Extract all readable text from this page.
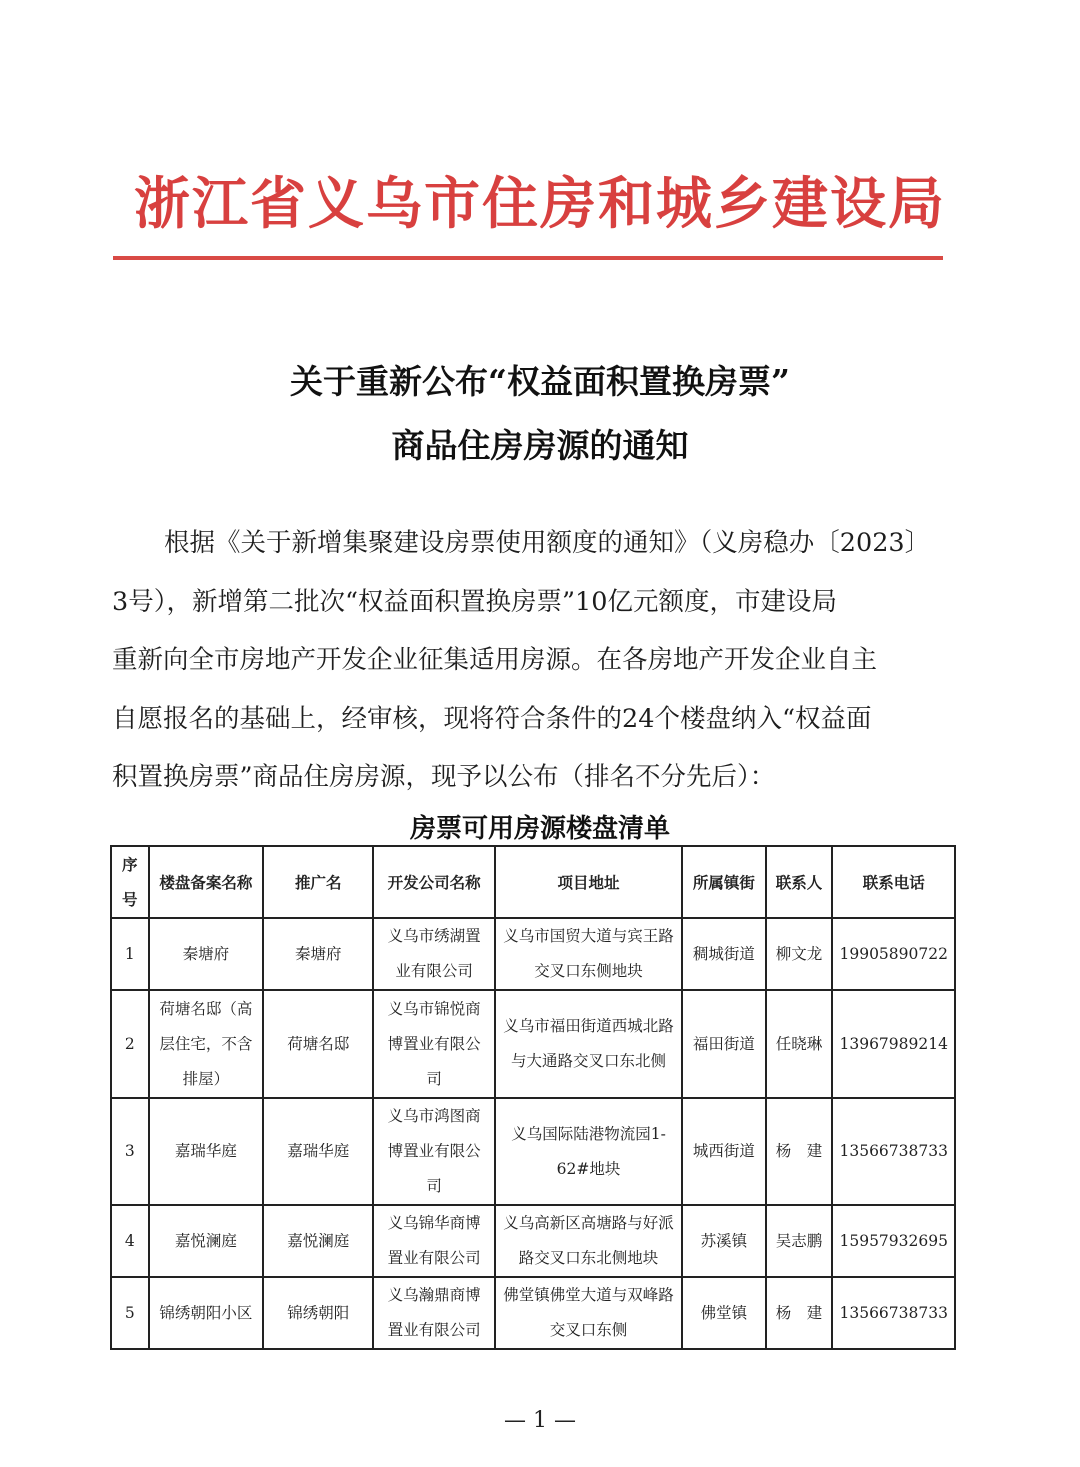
浙江省义乌市住房和城乡建设局
关于重新公布“权益面积置换房票”
商品住房房源的通知
根据《关于新增集聚建设房票使用额度的通知》（义房稳办〔2023〕
3号），新增第二批次“权益面积置换房票”10亿元额度，市建设局
重新向全市房地产开发企业征集适用房源。在各房地产开发企业自主
自愿报名的基础上，经审核，现将符合条件的24个楼盘纳入“权益面
积置换房票”商品住房房源，现予以公布（排名不分先后）：
房票可用房源楼盘清单
序号	楼盘备案名称	推广名	开发公司名称	项目地址	所属镇街	联系人	联系电话
1	秦塘府	秦塘府	义乌市绣湖置业有限公司	义乌市国贸大道与宾王路交叉口东侧地块	稠城街道	柳文龙	19905890722
2	荷塘名邸（高层住宅，不含排屋）	荷塘名邸	义乌市锦悦商博置业有限公司	义乌市福田街道西城北路与大通路交叉口东北侧	福田街道	任晓琳	13967989214
3	嘉瑞华庭	嘉瑞华庭	义乌市鸿图商博置业有限公司	义乌国际陆港物流园1-62#地块	城西街道	杨　建	13566738733
4	嘉悦澜庭	嘉悦澜庭	义乌锦华商博置业有限公司	义乌高新区高塘路与好派路交叉口东北侧地块	苏溪镇	吴志鹏	15957932695
5	锦绣朝阳小区	锦绣朝阳	义乌瀚鼎商博置业有限公司	佛堂镇佛堂大道与双峰路交叉口东侧	佛堂镇	杨　建	13566738733
— 1 —
